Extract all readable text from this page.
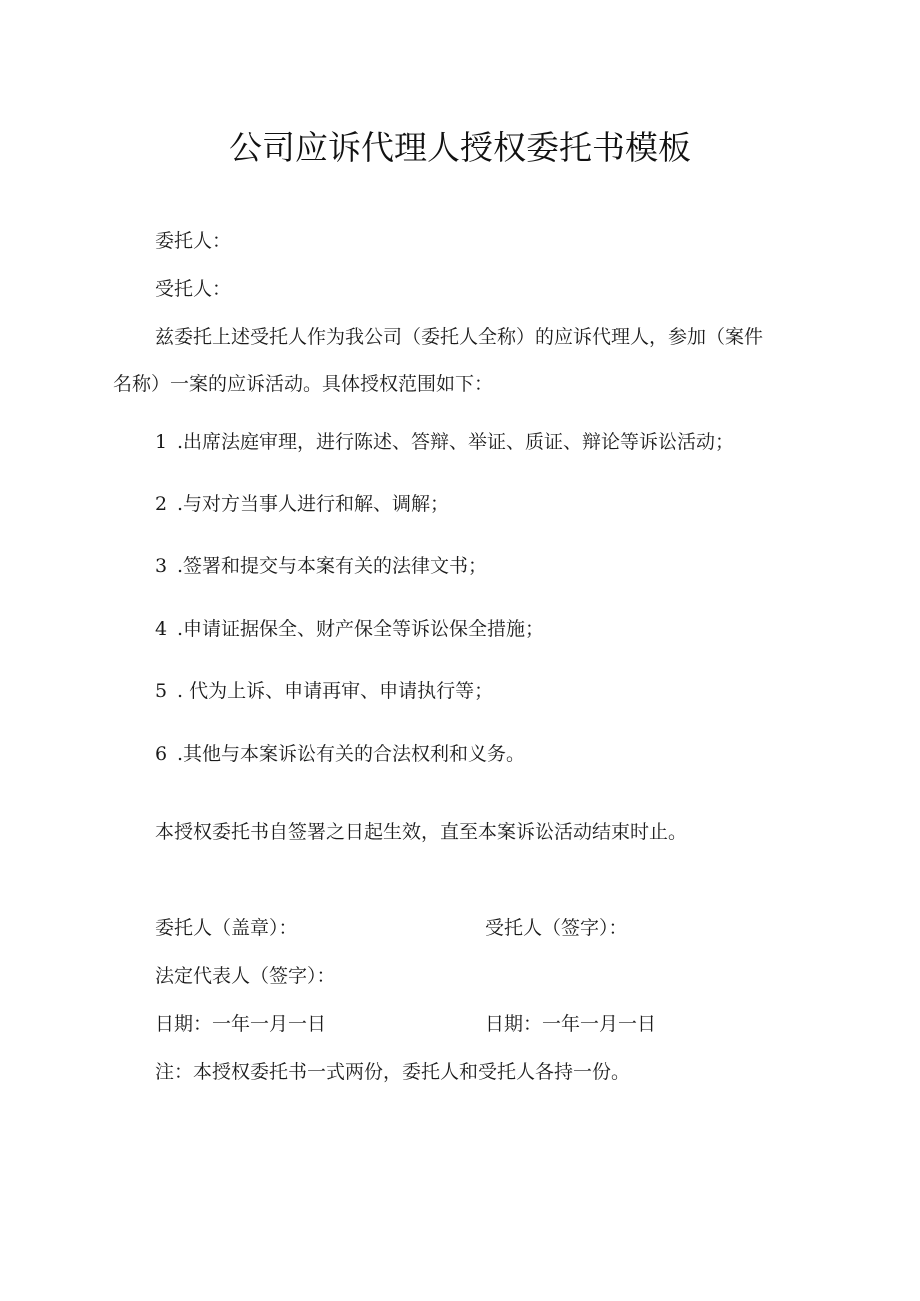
公司应诉代理人授权委托书模板
委托人：
受托人：
兹委托上述受托人作为我公司（委托人全称）的应诉代理人，参加（案件
名称）一案的应诉活动。具体授权范围如下：
1 .出席法庭审理，进行陈述、答辩、举证、质证、辩论等诉讼活动；
2 .与对方当事人进行和解、调解；
3 .签署和提交与本案有关的法律文书；
4 .申请证据保全、财产保全等诉讼保全措施；
5 . 代为上诉、申请再审、申请执行等；
6 .其他与本案诉讼有关的合法权利和义务。
本授权委托书自签署之日起生效，直至本案诉讼活动结束时止。
委托人（盖章）：	受托人（签字）：
法定代表人（签字）：
日期：一年一月一日	日期：一年一月一日
注：本授权委托书一式两份，委托人和受托人各持一份。
